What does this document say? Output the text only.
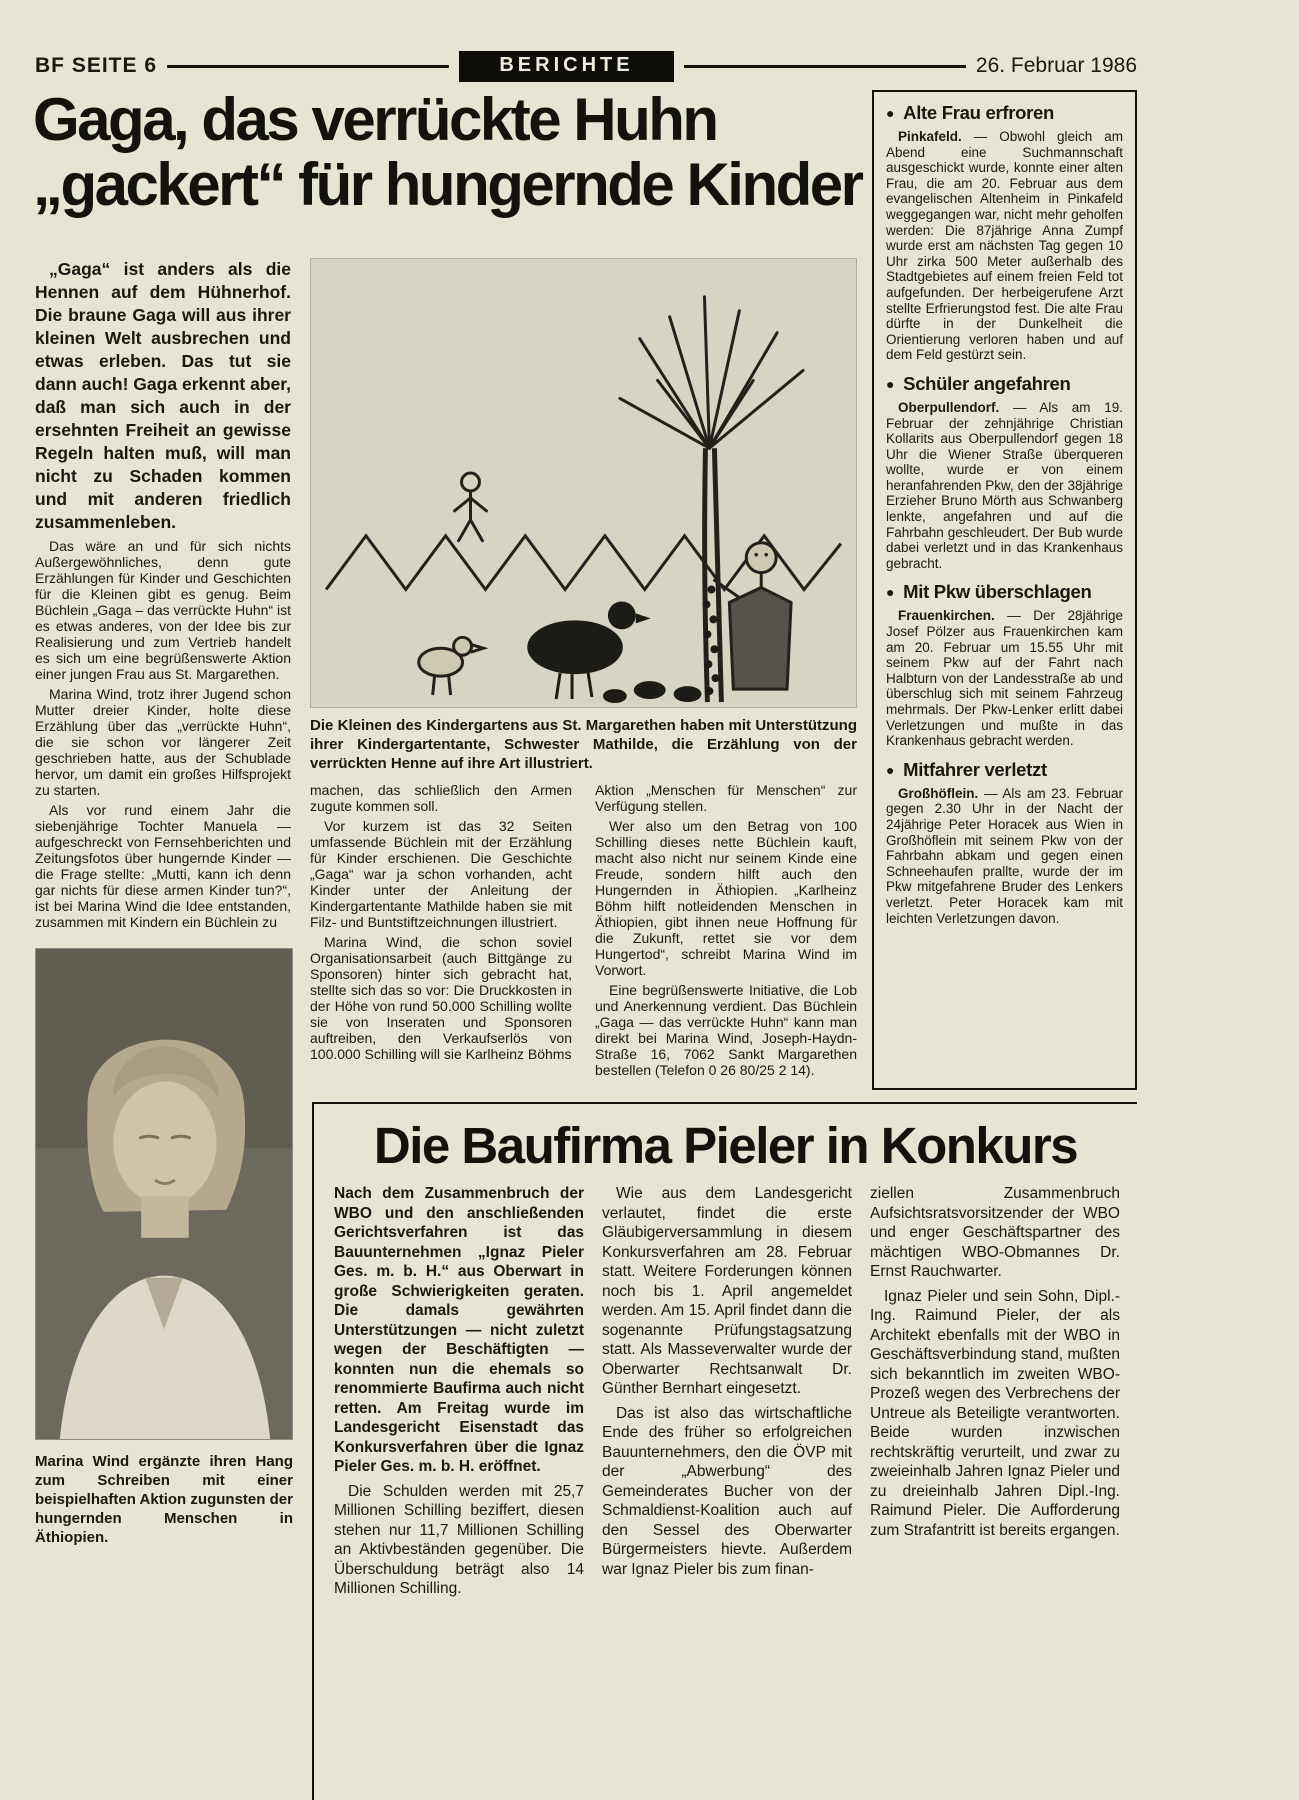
BF SEITE 6	BERICHTE	26. Februar 1986
Gaga, das verrückte Huhn
„gackert“ für hungernde Kinder

„Gaga“ ist anders als die Hennen auf dem Hühnerhof. Die braune Gaga will aus ihrer kleinen Welt ausbrechen und etwas erleben. Das tut sie dann auch! Gaga erkennt aber, daß man sich auch in der ersehnten Freiheit an gewisse Regeln halten muß, will man nicht zu Schaden kommen und mit anderen friedlich zusammenleben.

Das wäre an und für sich nichts Außergewöhnliches, denn gute Erzählungen für Kinder und Geschichten für die Kleinen gibt es genug. Beim Büchlein „Gaga – das verrückte Huhn“ ist es etwas anderes, von der Idee bis zur Realisierung und zum Vertrieb handelt es sich um eine begrüßenswerte Aktion einer jungen Frau aus St. Margarethen.

Marina Wind, trotz ihrer Jugend schon Mutter dreier Kinder, holte diese Erzählung über das „verrückte Huhn“, die sie schon vor längerer Zeit geschrieben hatte, aus der Schublade hervor, um damit ein großes Hilfsprojekt zu starten.

Als vor rund einem Jahr die siebenjährige Tochter Manuela — aufgeschreckt von Fernsehberichten und Zeitungsfotos über hungernde Kinder — die Frage stellte: „Mutti, kann ich denn gar nichts für diese armen Kinder tun?“, ist bei Marina Wind die Idee entstanden, zusammen mit Kindern ein Büchlein zu

Die Kleinen des Kindergartens aus St. Margarethen haben mit Unterstützung ihrer Kindergartentante, Schwester Mathilde, die Erzählung von der verrückten Henne auf ihre Art illustriert.

machen, das schließlich den Armen zugute kommen soll.

Vor kurzem ist das 32 Seiten umfassende Büchlein mit der Erzählung für Kinder erschienen. Die Geschichte „Gaga“ war ja schon vorhanden, acht Kinder unter der Anleitung der Kindergartentante Mathilde haben sie mit Filz- und Buntstiftzeichnungen illustriert.

Marina Wind, die schon soviel Organisationsarbeit (auch Bittgänge zu Sponsoren) hinter sich gebracht hat, stellte sich das so vor: Die Druckkosten in der Höhe von rund 50.000 Schilling wollte sie von Inseraten und Sponsoren auftreiben, den Verkaufserlös von 100.000 Schilling will sie Karlheinz Böhms

Aktion „Menschen für Menschen“ zur Verfügung stellen.

Wer also um den Betrag von 100 Schilling dieses nette Büchlein kauft, macht also nicht nur seinem Kinde eine Freude, sondern hilft auch den Hungernden in Äthiopien. „Karlheinz Böhm hilft notleidenden Menschen in Äthiopien, gibt ihnen neue Hoffnung für die Zukunft, rettet sie vor dem Hungertod“, schreibt Marina Wind im Vorwort.

Eine begrüßenswerte Initiative, die Lob und Anerkennung verdient. Das Büchlein „Gaga — das verrückte Huhn“ kann man direkt bei Marina Wind, Joseph-Haydn-Straße 16, 7062 Sankt Margarethen bestellen (Telefon 0 26 80/25 2 14).

Marina Wind ergänzte ihren Hang zum Schreiben mit einer beispielhaften Aktion zugunsten der hungernden Menschen in Äthiopien.

● Alte Frau erfroren

Pinkafeld. — Obwohl gleich am Abend eine Suchmannschaft ausgeschickt wurde, konnte einer alten Frau, die am 20. Februar aus dem evangelischen Altenheim in Pinkafeld weggegangen war, nicht mehr geholfen werden: Die 87jährige Anna Zumpf wurde erst am nächsten Tag gegen 10 Uhr zirka 500 Meter außerhalb des Stadtgebietes auf einem freien Feld tot aufgefunden. Der herbeigerufene Arzt stellte Erfrierungstod fest. Die alte Frau dürfte in der Dunkelheit die Orientierung verloren haben und auf dem Feld gestürzt sein.

● Schüler angefahren

Oberpullendorf. — Als am 19. Februar der zehnjährige Christian Kollarits aus Oberpullendorf gegen 18 Uhr die Wiener Straße überqueren wollte, wurde er von einem heranfahrenden Pkw, den der 38jährige Erzieher Bruno Mörth aus Schwanberg lenkte, angefahren und auf die Fahrbahn geschleudert. Der Bub wurde dabei verletzt und in das Krankenhaus gebracht.

● Mit Pkw überschlagen

Frauenkirchen. — Der 28jährige Josef Pölzer aus Frauenkirchen kam am 20. Februar um 15.55 Uhr mit seinem Pkw auf der Fahrt nach Halbturn von der Landesstraße ab und überschlug sich mit seinem Fahrzeug mehrmals. Der Pkw-Lenker erlitt dabei Verletzungen und mußte in das Krankenhaus gebracht werden.

● Mitfahrer verletzt

Großhöflein. — Als am 23. Februar gegen 2.30 Uhr in der Nacht der 24jährige Peter Horacek aus Wien in Großhöflein mit seinem Pkw von der Fahrbahn abkam und gegen einen Schneehaufen prallte, wurde der im Pkw mitgefahrene Bruder des Lenkers verletzt. Peter Horacek kam mit leichten Verletzungen davon.

Die Baufirma Pieler in Konkurs

Nach dem Zusammenbruch der WBO und den anschließenden Gerichtsverfahren ist das Bauunternehmen „Ignaz Pieler Ges. m. b. H.“ aus Oberwart in große Schwierigkeiten geraten. Die damals gewährten Unterstützungen — nicht zuletzt wegen der Beschäftigten — konnten nun die ehemals so renommierte Baufirma auch nicht retten. Am Freitag wurde im Landesgericht Eisenstadt das Konkursverfahren über die Ignaz Pieler Ges. m. b. H. eröffnet.

Die Schulden werden mit 25,7 Millionen Schilling beziffert, diesen stehen nur 11,7 Millionen Schilling an Aktivbeständen gegenüber. Die Überschuldung beträgt also 14 Millionen Schilling.

Wie aus dem Landesgericht verlautet, findet die erste Gläubigerversammlung in diesem Konkursverfahren am 28. Februar statt. Weitere Forderungen können noch bis 1. April angemeldet werden. Am 15. April findet dann die sogenannte Prüfungstagsatzung statt. Als Masseverwalter wurde der Oberwarter Rechtsanwalt Dr. Günther Bernhart eingesetzt.

Das ist also das wirtschaftliche Ende des früher so erfolgreichen Bauunternehmers, den die ÖVP mit der „Abwerbung“ des Gemeinderates Bucher von der Schmaldienst-Koalition auch auf den Sessel des Oberwarter Bürgermeisters hievte. Außerdem war Ignaz Pieler bis zum finan-

ziellen Zusammenbruch Aufsichtsratsvorsitzender der WBO und enger Geschäftspartner des mächtigen WBO-Obmannes Dr. Ernst Rauchwarter.

Ignaz Pieler und sein Sohn, Dipl.-Ing. Raimund Pieler, der als Architekt ebenfalls mit der WBO in Geschäftsverbindung stand, mußten sich bekanntlich im zweiten WBO-Prozeß wegen des Verbrechens der Untreue als Beteiligte verantworten. Beide wurden inzwischen rechtskräftig verurteilt, und zwar zu zweieinhalb Jahren Ignaz Pieler und zu dreieinhalb Jahren Dipl.-Ing. Raimund Pieler. Die Aufforderung zum Strafantritt ist bereits ergangen.
